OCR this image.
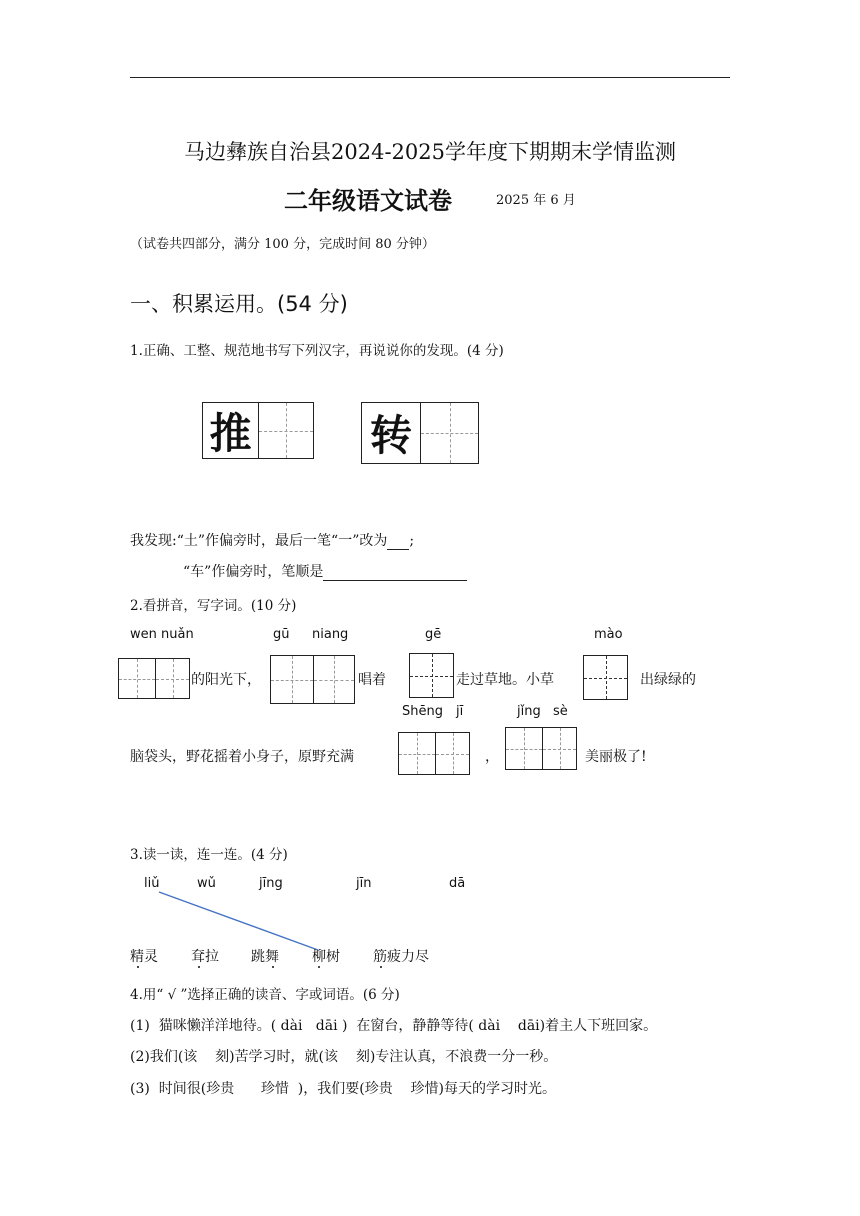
马边彝族自治县2024-2025学年度下期期末学情监测
二年级语文试卷	2025 年 6 月
（试卷共四部分，满分 100 分，完成时间 80 分钟）
一、积累运用。(54 分)
1.正确、工整、规范地书写下列汉字，再说说你的发现。(4 分)
推	转
我发现:“土”作偏旁时，最后一笔“一”改为 ;
“车”作偏旁时，笔顺是
2.看拼音，写字词。(10 分)
wen nuǎn	gū niang	gē	mào
的阳光下，	唱着	走过草地。小草	出绿绿的
Shēng jī	jǐng sè
脑袋头，野花摇着小身子，原野充满	，	美丽极了!
3.读一读，连一连。(4 分)
liǔ	wǔ	jīng	jīn	dā
精灵 耷拉 跳舞 柳树 筋疲力尽
4.用“ √ ”选择正确的读音、字或词语。(6 分)
(1)  猫咪懒洋洋地待。( dài   dāi )  在窗台，静静等待( dài    dāi)着主人下班回家。
(2)我们(该    刻)苦学习时，就(该    刻)专注认真，不浪费一分一秒。
(3)  时间很(珍贵      珍惜  )，我们要(珍贵    珍惜)每天的学习时光。
